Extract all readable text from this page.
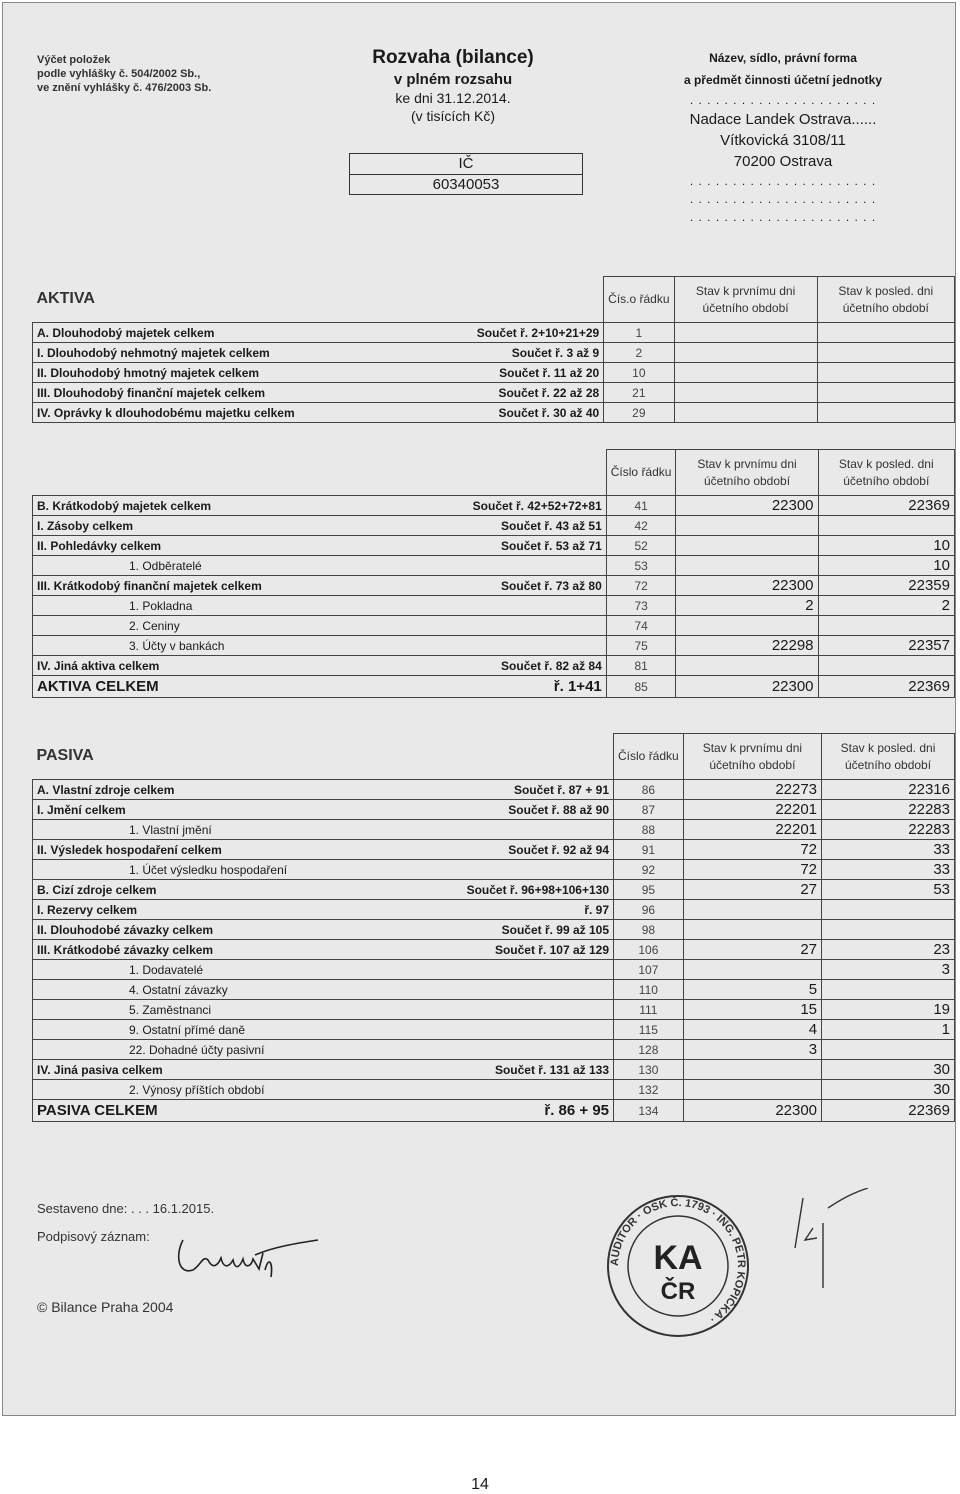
Výčet položek
podle vyhlášky č. 504/2002 Sb.,
ve znění vyhlášky č. 476/2003 Sb.
Rozvaha (bilance)
v plném rozsahu
ke dni 31.12.2014.
(v tisících Kč)
IČ
60340053
Název, sídlo, právní forma
a předmět činnosti účetní jednotky
. . . . . . . . . . . . . . . . . . . . . .
Nadace Landek Ostrava......
Vítkovická 3108/11
70200 Ostrava
. . . . . . . . . . . . . . . . . . . . . .
. . . . . . . . . . . . . . . . . . . . . .
. . . . . . . . . . . . . . . . . . . . . .
AKTIVA		Čís.o řádku	Stav k prvnímu dni účetního období	Stav k posled. dni účetního období
A. Dlouhodobý majetek celkem	Součet ř. 2+10+21+29	1		
I. Dlouhodobý nehmotný majetek celkem	Součet ř. 3 až 9	2		
II. Dlouhodobý hmotný majetek celkem	Součet ř. 11 až 20	10		
III. Dlouhodobý finanční majetek celkem	Součet ř. 22 až 28	21		
IV. Oprávky k dlouhodobému majetku celkem	Součet ř. 30 až 40	29		
		Číslo řádku	Stav k prvnímu dni účetního období	Stav k posled. dni účetního období
B. Krátkodobý majetek celkem	Součet ř. 42+52+72+81	41	22300	22369
I. Zásoby celkem	Součet ř. 43 až 51	42		
II. Pohledávky celkem	Součet ř. 53 až 71	52		10
1. Odběratelé		53		10
III. Krátkodobý finanční majetek celkem	Součet ř. 73 až 80	72	22300	22359
1. Pokladna		73	2	2
2. Ceniny		74		
3. Účty v bankách		75	22298	22357
IV. Jiná aktiva celkem	Součet ř. 82 až 84	81		
AKTIVA CELKEM	ř. 1+41	85	22300	22369
PASIVA		Číslo řádku	Stav k prvnímu dni účetního období	Stav k posled. dni účetního období
A. Vlastní zdroje celkem	Součet ř. 87 + 91	86	22273	22316
I. Jmění celkem	Součet ř. 88 až 90	87	22201	22283
1. Vlastní jmění		88	22201	22283
II. Výsledek hospodaření celkem	Součet ř. 92 až 94	91	72	33
1. Účet výsledku hospodaření		92	72	33
B. Cizí zdroje celkem	Součet ř. 96+98+106+130	95	27	53
I. Rezervy celkem	ř. 97	96		
II. Dlouhodobé závazky celkem	Součet ř. 99 až 105	98		
III. Krátkodobé závazky celkem	Součet ř. 107 až 129	106	27	23
1. Dodavatelé		107		3
4. Ostatní závazky		110	5	
5. Zaměstnanci		111	15	19
9. Ostatní přímé daně		115	4	1
22. Dohadné účty pasivní		128	3	
IV. Jiná pasiva celkem	Součet ř. 131 až 133	130		30
2. Výnosy příštích období		132		30
PASIVA CELKEM	ř. 86 + 95	134	22300	22369
Sestaveno dne: . . . 16.1.2015.
Podpisový záznam:
© Bilance Praha 2004
AUDITOR · OSK Č. 1793 · ING. PETR KOPIČKA ·
KA
ČR
14
